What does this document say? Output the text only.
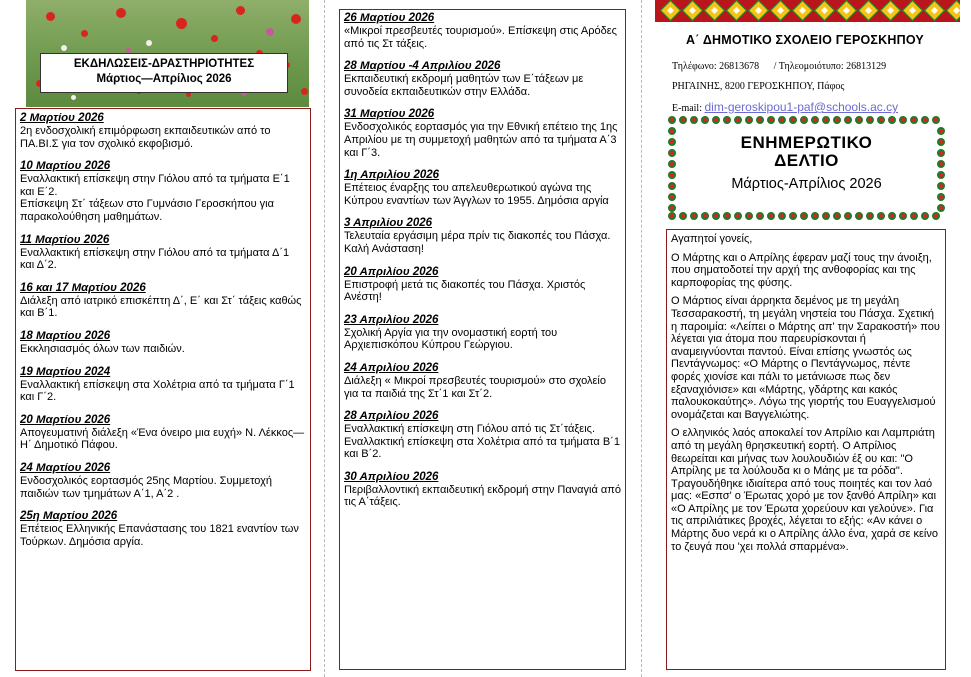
ΕΚΔΗΛΩΣΕΙΣ-ΔΡΑΣΤΗΡΙΟΤΗΤΕΣ
Μάρτιος—Απρίλιος 2026
2 Μαρτίου 2026
2η ενδοσχολική επιμόρφωση εκπαιδευτικών από το ΠΑ.ΒΙ.Σ για τον σχολικό εκφοβισμό.
10 Μαρτίου 2026
Εναλλακτική επίσκεψη στην Γιόλου από τα τμήματα Ε΄1 και Ε΄2.
Επίσκεψη Στ΄ τάξεων στο Γυμνάσιο Γεροσκήπου για παρακολούθηση μαθημάτων.
11 Μαρτίου 2026
Εναλλακτική επίσκεψη στην Γιόλου από τα τμήματα Δ΄1 και Δ΄2.
16 και 17 Μαρτίου 2026
Διάλεξη από ιατρικό επισκέπτη Δ΄, Ε΄ και Στ΄ τάξεις καθώς και Β΄1.
18 Μαρτίου 2026
Εκκλησιασμός όλων των παιδιών.
19 Μαρτίου 2024
Εναλλακτική επίσκεψη στα Χολέτρια από τα τμήματα Γ΄1 και Γ΄2.
20 Μαρτίου 2026
Απογευματινή διάλεξη «Ένα όνειρο μια ευχή» Ν. Λέκκος—Η΄ Δημοτικό Πάφου.
24 Μαρτίου 2026
Ενδοσχολικός εορτασμός 25ης Μαρτίου. Συμμετοχή παιδιών των τμημάτων Α΄1, Α΄2 .
25η Μαρτίου 2026
Επέτειος Ελληνικής Επανάστασης του 1821 εναντίον των Τούρκων. Δημόσια αργία.
26 Μαρτίου 2026
«Μικροί πρεσβευτές τουρισμού». Επίσκεψη στις Αρόδες από τις Στ τάξεις.
28 Μαρτίου -4 Απριλίου 2026
Εκπαιδευτική εκδρομή μαθητών των Ε΄τάξεων με συνοδεία εκπαιδευτικών στην Ελλάδα.
31 Μαρτίου 2026
Ενδοσχολικός εορτασμός για την Εθνική επέτειο της 1ης Απριλίου με τη συμμετοχή μαθητών από τα τμήματα Α΄3 και Γ΄3.
1η Απριλίου 2026
Επέτειος έναρξης του απελευθερωτικού αγώνα της Κύπρου εναντίων των Άγγλων το 1955. Δημόσια αργία
3 Απριλίου 2026
Τελευταία εργάσιμη μέρα πρίν τις διακοπές του Πάσχα. Καλή Ανάσταση!
20 Απριλίου 2026
Επιστροφή μετά τις διακοπές του Πάσχα. Χριστός Ανέστη!
23 Απριλίου 2026
Σχολική Αργία για την ονομαστική εορτή του Αρχιεπισκόπου Κύπρου Γεώργιου.
24 Απριλίου 2026
Διάλεξη « Μικροί πρεσβευτές τουρισμού» στο σχολείο για τα παιδιά της Στ΄1 και Στ΄2.
28 Απριλίου 2026
Εναλλακτική επίσκεψη στη Γιόλου από τις Στ΄τάξεις.
Εναλλακτική επίσκεψη στα Χολέτρια από τα τμήματα Β΄1 και Β΄2.
30 Απριλίου 2026
Περιβαλλοντική εκπαιδευτική εκδρομή στην Παναγιά από τις Α΄τάξεις.
Α΄ ΔΗΜΟΤΙΚΟ ΣΧΟΛΕΙΟ ΓΕΡΟΣΚΗΠΟΥ
Τηλέφωνο: 26813678 / Τηλεομοιότυπο: 26813129
ΡΗΓΑΙΝΗΣ, 8200 ΓΕΡΟΣΚΗΠΟΥ, Πάφος
E-mail: dim-geroskipou1-paf@schools.ac.cy
ΕΝΗΜΕΡΩΤΙΚΟ
ΔΕΛΤΙΟ
Μάρτιος-Απρίλιος 2026

Αγαπητοί γονείς,

Ο Μάρτης και ο Απρίλης έφεραν μαζί τους την άνοιξη, που σηματοδοτεί την αρχή της ανθοφορίας και της καρποφορίας της φύσης.

Ο Μάρτιος είναι άρρηκτα δεμένος με τη μεγάλη Τεσσαρακοστή, τη μεγάλη νηστεία του Πάσχα. Σχετική η παροιμία: «Λείπει ο Μάρτης απ' την Σαρακοστή» που λέγεται για άτομα που παρευρίσκονται ή αναμειγνύονται παντού. Είναι επίσης γνωστός ως Πεντάγνωμος: «Ο Μάρτης ο Πεντάγνωμος, πέντε φορές χιονίσε και πάλι το μετάνιωσε πως δεν εξαναχιόνισε» και «Μάρτης, γδάρτης και κακός παλουκοκαύτης». Λόγω της γιορτής του Ευαγγελισμού ονομάζεται και Βαγγελιώτης.

Ο ελληνικός λαός αποκαλεί τον Απρίλιο και Λαμπριάτη από τη μεγάλη θρησκευτική εορτή. Ο Απρίλιος θεωρείται και μήνας των λουλουδιών έξ ου και: "Ο Απρίλης με τα λούλουδα κι ο Μάης με τα ρόδα". Τραγουδήθηκε ιδιαίτερα από τους ποιητές και τον λαό μας: «Εσπσ' ο Έρωτας χορό με τον ξανθό Απρίλη» και «Ο Απρίλης με τον Έρωτα χορεύουν και γελούνε». Για τις απριλιάτικες βροχές, λέγεται το εξής: «Αν κάνει ο Μάρτης δυο νερά κι ο Απρίλης άλλο ένα, χαρά σε κείνο το ζευγά που 'χει πολλά σπαρμένα».
